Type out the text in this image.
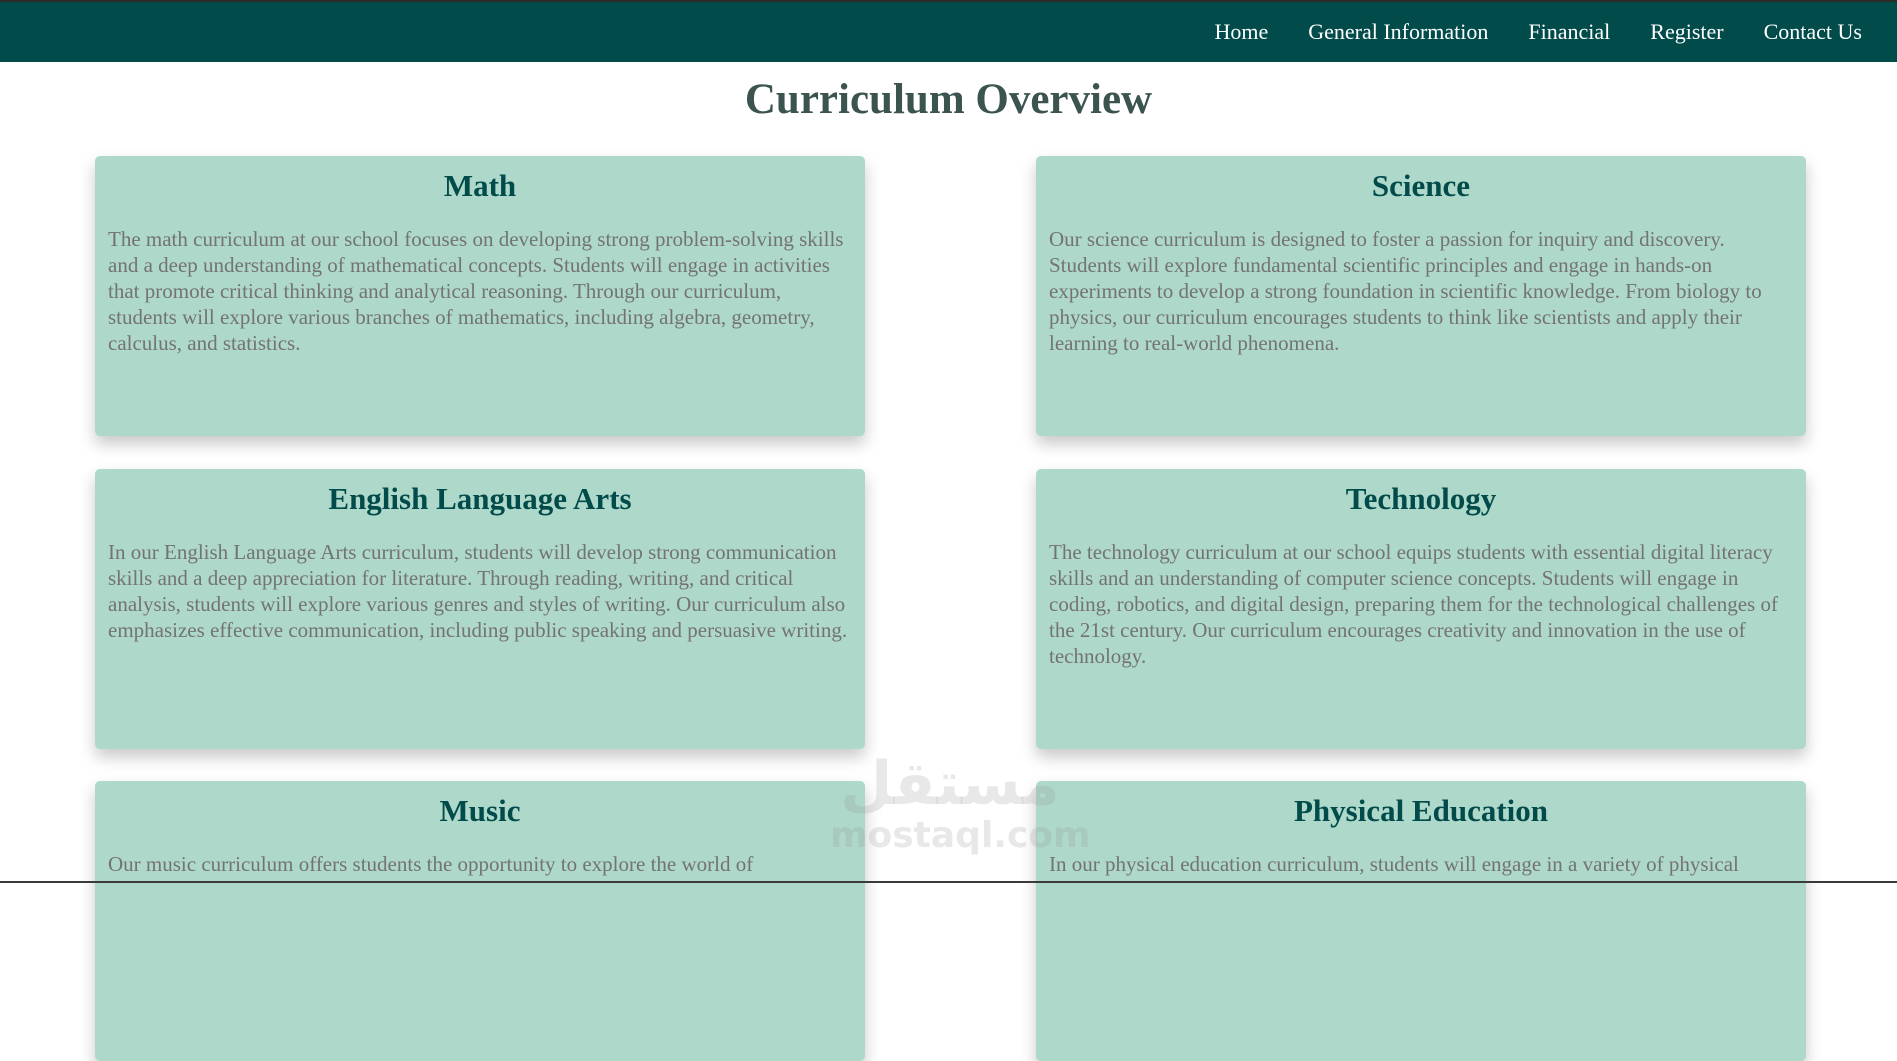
Home General Information Financial Register Contact Us
Curriculum Overview
Math

The math curriculum at our school focuses on developing strong problem-solving skills and a deep understanding of mathematical concepts. Students will engage in activities that promote critical thinking and analytical reasoning. Through our curriculum, students will explore various branches of mathematics, including algebra, geometry, calculus, and statistics.

Science

Our science curriculum is designed to foster a passion for inquiry and discovery. Students will explore fundamental scientific principles and engage in hands-on experiments to develop a strong foundation in scientific knowledge. From biology to physics, our curriculum encourages students to think like scientists and apply their learning to real-world phenomena.

English Language Arts

In our English Language Arts curriculum, students will develop strong communication skills and a deep appreciation for literature. Through reading, writing, and critical analysis, students will explore various genres and styles of writing. Our curriculum also emphasizes effective communication, including public speaking and persuasive writing.

Technology

The technology curriculum at our school equips students with essential digital literacy skills and an understanding of computer science concepts. Students will engage in coding, robotics, and digital design, preparing them for the technological challenges of the 21st century. Our curriculum encourages creativity and innovation in the use of technology.

Music

Our music curriculum offers students the opportunity to explore the world of

Physical Education

In our physical education curriculum, students will engage in a variety of physical

مستقل
mostaql.com
